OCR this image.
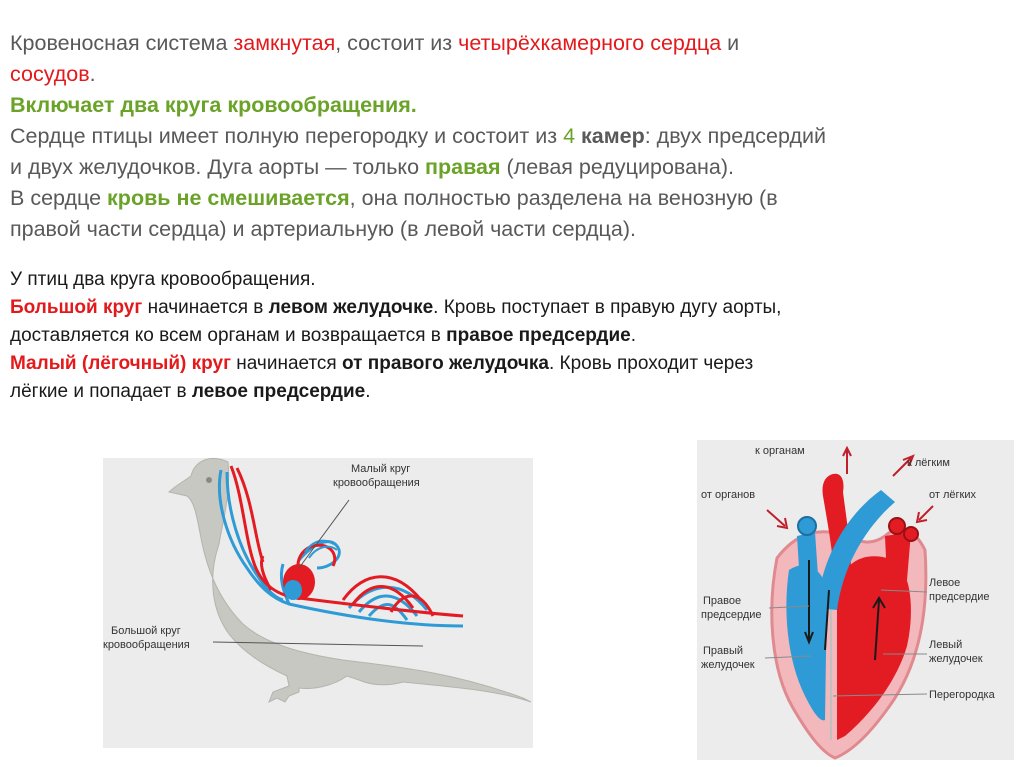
Кровеносная система замкнутая, состоит из четырёхкамерного сердца и
сосудов.
Включает два круга кровообращения.
Сердце птицы имеет полную перегородку и состоит из 4 камер: двух предсердий
и двух желудочков. Дуга аорты — только правая (левая редуцирована).
В сердце кровь не смешивается, она полностью разделена на венозную (в
правой части сердца) и артериальную (в левой части сердца).
У птиц два круга кровообращения.
Большой круг начинается в левом желудочке. Кровь поступает в правую дугу аорты,
доставляется ко всем органам и возвращается в правое предсердие.
Малый (лёгочный) круг начинается от правого желудочка. Кровь проходит через
лёгкие и попадает в левое предсердие.
Малый круг
кровообращения
Большой круг
кровообращения
к органам
к лёгким
от органов	от лёгких
Правое
предсердие
Правый
желудочек
Левое
предсердие
Левый
желудочек
Перегородка
